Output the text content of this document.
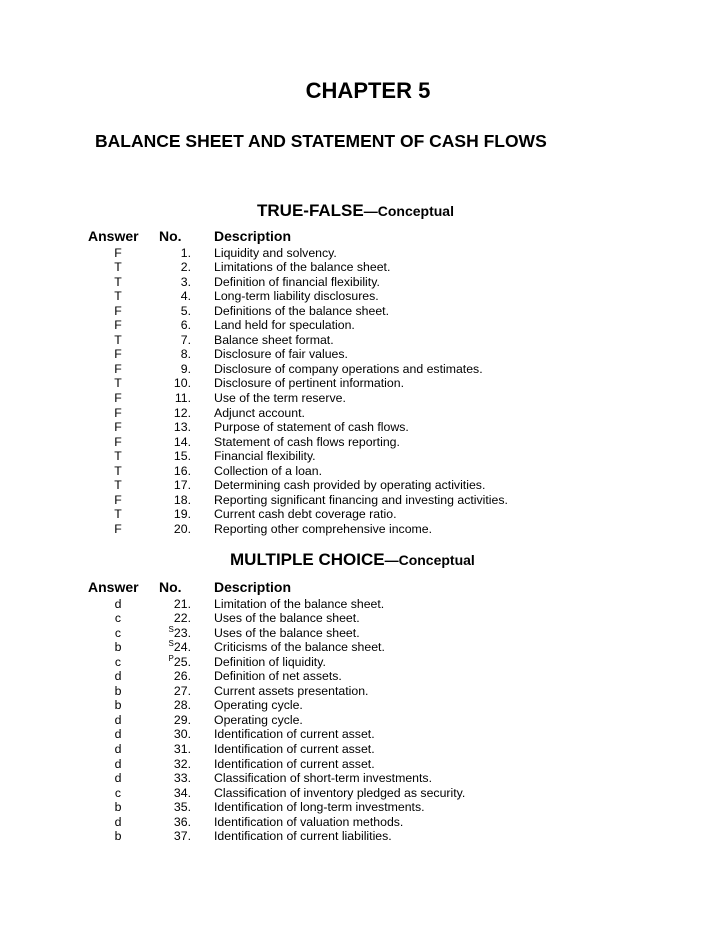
CHAPTER 5
BALANCE SHEET AND STATEMENT OF CASH FLOWS
TRUE-FALSE—Conceptual
Answer No. Description
F	1. Liquidity and solvency.
T	2. Limitations of the balance sheet.
T	3. Definition of financial flexibility.
T	4. Long-term liability disclosures.
F	5. Definitions of the balance sheet.
F	6. Land held for speculation.
T	7. Balance sheet format.
F	8. Disclosure of fair values.
F	9. Disclosure of company operations and estimates.
T	10. Disclosure of pertinent information.
F	11. Use of the term reserve.
F	12. Adjunct account.
F	13. Purpose of statement of cash flows.
F	14. Statement of cash flows reporting.
T	15. Financial flexibility.
T	16. Collection of a loan.
T	17. Determining cash provided by operating activities.
F	18. Reporting significant financing and investing activities.
T	19. Current cash debt coverage ratio.
F	20. Reporting other comprehensive income.
MULTIPLE CHOICE—Conceptual
Answer No. Description
d	21. Limitation of the balance sheet.
c	22. Uses of the balance sheet.
c	$^S$23. Uses of the balance sheet.
b	$^S$24. Criticisms of the balance sheet.
c	$^P$25. Definition of liquidity.
d	26. Definition of net assets.
b	27. Current assets presentation.
b	28. Operating cycle.
d	29. Operating cycle.
d	30. Identification of current asset.
d	31. Identification of current asset.
d	32. Identification of current asset.
d	33. Classification of short-term investments.
c	34. Classification of inventory pledged as security.
b	35. Identification of long-term investments.
d	36. Identification of valuation methods.
b	37. Identification of current liabilities.
